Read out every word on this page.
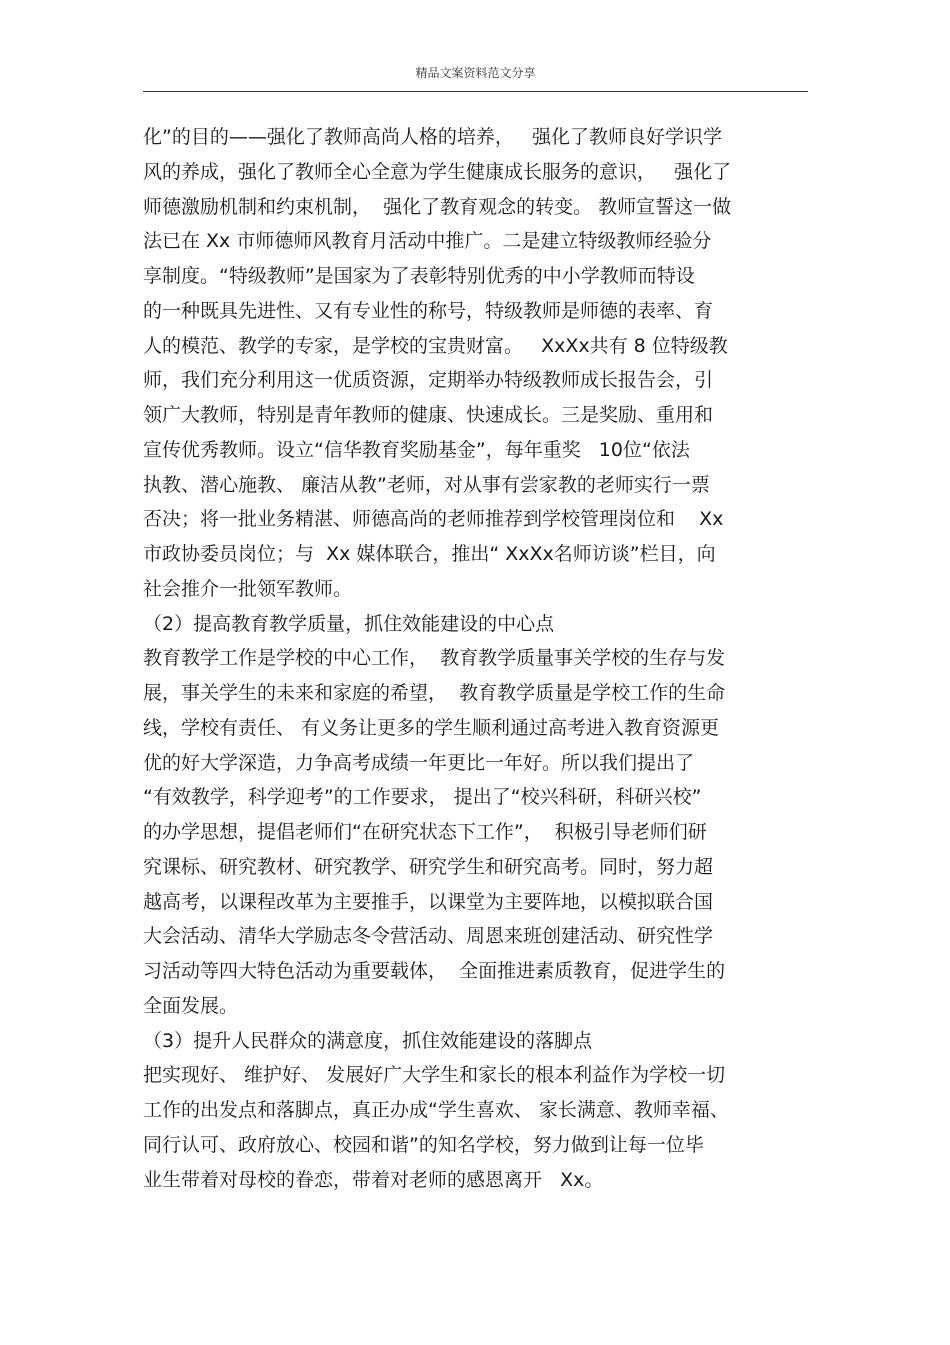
精品文案资料范文分享
化”的目的——强化了教师高尚人格的培养，   强化了教师良好学识学
风的养成，强化了教师全心全意为学生健康成长服务的意识，   强化了
师德激励机制和约束机制，  强化了教育观念的转变。 教师宣誓这一做
法已在 Xx 市师德师风教育月活动中推广。二是建立特级教师经验分
享制度。“特级教师”是国家为了表彰特别优秀的中小学教师而特设
的一种既具先进性、又有专业性的称号，特级教师是师德的表率、育
人的模范、教学的专家，是学校的宝贵财富。   XxXx共有 8 位特级教
师，我们充分利用这一优质资源，定期举办特级教师成长报告会，引
领广大教师，特别是青年教师的健康、快速成长。三是奖励、重用和
宣传优秀教师。设立“信华教育奖励基金”，每年重奖   10位“依法
执教、潜心施教、 廉洁从教”老师，对从事有尝家教的老师实行一票
否决；将一批业务精湛、师德高尚的老师推荐到学校管理岗位和    Xx
市政协委员岗位；与  Xx 媒体联合，推出“ XxXx名师访谈”栏目，向
社会推介一批领军教师。
（2）提高教育教学质量，抓住效能建设的中心点
教育教学工作是学校的中心工作，  教育教学质量事关学校的生存与发
展，事关学生的未来和家庭的希望，  教育教学质量是学校工作的生命
线，学校有责任、 有义务让更多的学生顺利通过高考进入教育资源更
优的好大学深造，力争高考成绩一年更比一年好。所以我们提出了
“有效教学，科学迎考”的工作要求， 提出了“校兴科研，科研兴校”
的办学思想，提倡老师们“在研究状态下工作”，  积极引导老师们研
究课标、研究教材、研究教学、研究学生和研究高考。同时，努力超
越高考，以课程改革为主要推手，以课堂为主要阵地，以模拟联合国
大会活动、清华大学励志冬令营活动、周恩来班创建活动、研究性学
习活动等四大特色活动为重要载体，  全面推进素质教育，促进学生的
全面发展。
（3）提升人民群众的满意度，抓住效能建设的落脚点
把实现好、 维护好、 发展好广大学生和家长的根本利益作为学校一切
工作的出发点和落脚点，真正办成“学生喜欢、 家长满意、教师幸福、
同行认可、政府放心、校园和谐”的知名学校，努力做到让每一位毕
业生带着对母校的眷恋，带着对老师的感恩离开   Xx。
